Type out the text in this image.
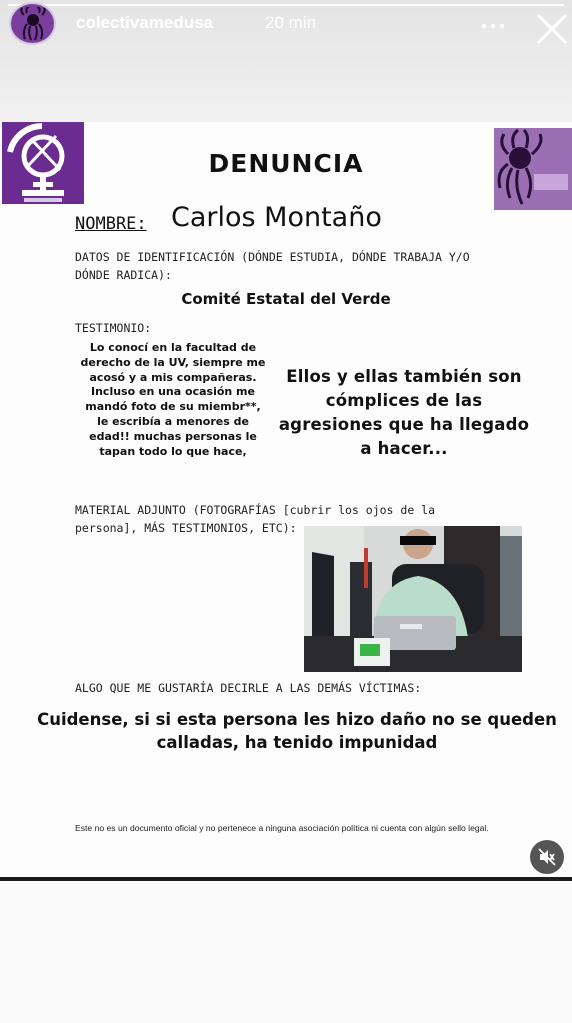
colectivamedusa	20 min
DENUNCIA
NOMBRE: Carlos Montaño
DATOS DE IDENTIFICACIÓN (DÓNDE ESTUDIA, DÓNDE TRABAJA Y/O DÓNDE RADICA):
Comité Estatal del Verde
TESTIMONIO:
Lo conocí en la facultad de derecho de la UV, siempre me acosó y a mis compañeras. Incluso en una ocasión me mandó foto de su miembr**, le escribía a menores de edad!! muchas personas le tapan todo lo que hace,
Ellos y ellas también son cómplices de las agresiones que ha llegado a hacer...
MATERIAL ADJUNTO (FOTOGRAFÍAS [cubrir los ojos de la persona], MÁS TESTIMONIOS, ETC):
ALGO QUE ME GUSTARÍA DECIRLE A LAS DEMÁS VÍCTIMAS:
Cuidense, si si esta persona les hizo daño no se queden calladas, ha tenido impunidad
Este no es un documento oficial y no pertenece a ninguna asociación política ni cuenta con algún sello legal.
